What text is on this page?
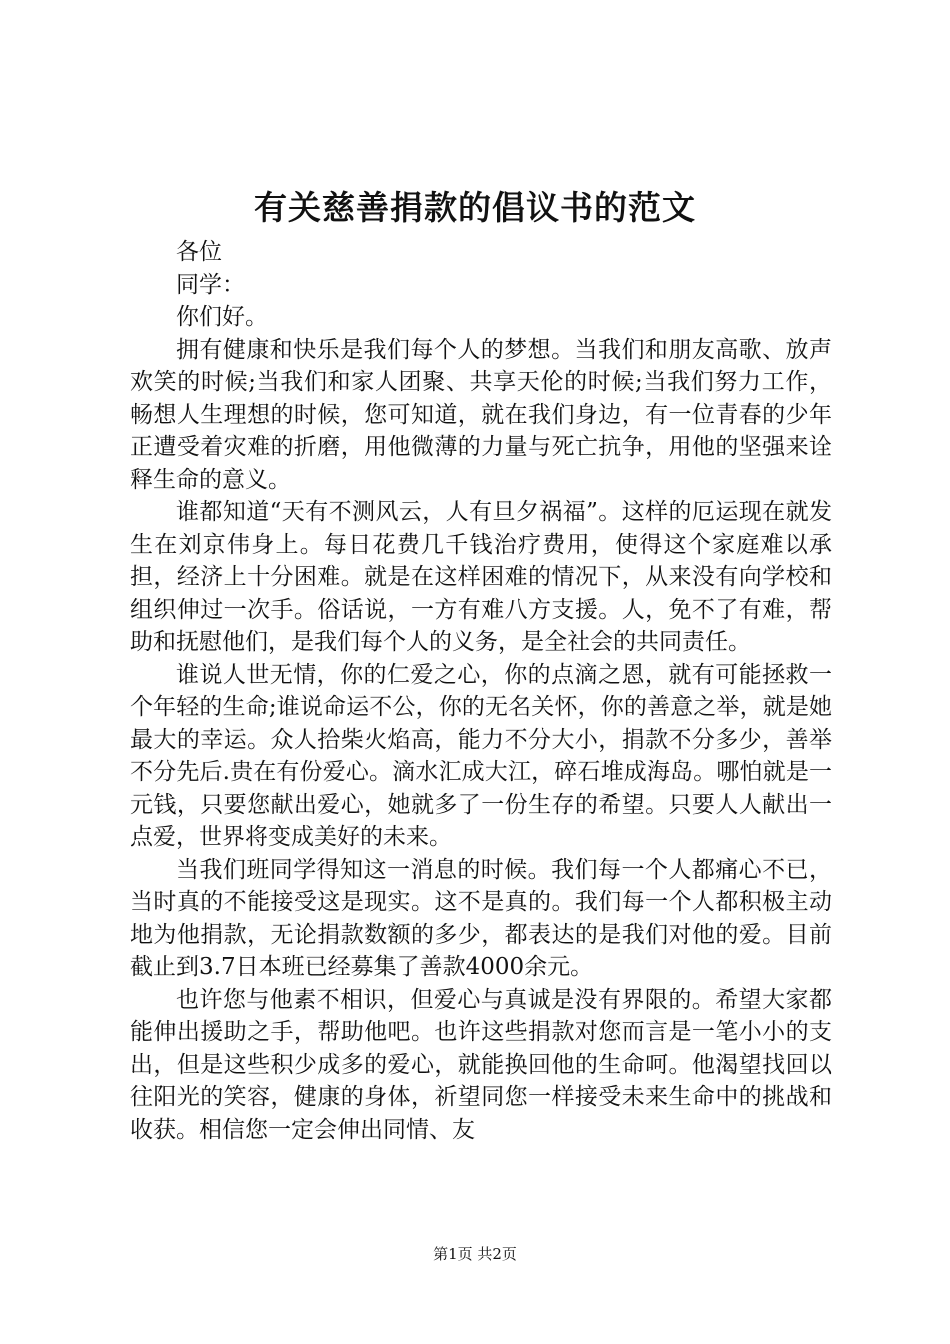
有关慈善捐款的倡议书的范文

各位

同学：

你们好。

拥有健康和快乐是我们每个人的梦想。当我们和朋友高歌、放声欢笑的时候;当我们和家人团聚、共享天伦的时候;当我们努力工作，畅想人生理想的时候，您可知道，就在我们身边，有一位青春的少年正遭受着灾难的折磨，用他微薄的力量与死亡抗争，用他的坚强来诠释生命的意义。

谁都知道“天有不测风云，人有旦夕祸福”。这样的厄运现在就发生在刘京伟身上。每日花费几千钱治疗费用，使得这个家庭难以承担，经济上十分困难。就是在这样困难的情况下，从来没有向学校和组织伸过一次手。俗话说，一方有难八方支援。人，免不了有难，帮助和抚慰他们，是我们每个人的义务，是全社会的共同责任。

谁说人世无情，你的仁爱之心，你的点滴之恩，就有可能拯救一个年轻的生命;谁说命运不公，你的无名关怀，你的善意之举，就是她最大的幸运。众人拾柴火焰高，能力不分大小，捐款不分多少，善举不分先后.贵在有份爱心。滴水汇成大江，碎石堆成海岛。哪怕就是一元钱，只要您献出爱心，她就多了一份生存的希望。只要人人献出一点爱，世界将变成美好的未来。

当我们班同学得知这一消息的时候。我们每一个人都痛心不已，当时真的不能接受这是现实。这不是真的。我们每一个人都积极主动地为他捐款，无论捐款数额的多少，都表达的是我们对他的爱。目前截止到3.7日本班已经募集了善款4000余元。

也许您与他素不相识，但爱心与真诚是没有界限的。希望大家都能伸出援助之手，帮助他吧。也许这些捐款对您而言是一笔小小的支出，但是这些积少成多的爱心，就能换回他的生命呵。他渴望找回以往阳光的笑容，健康的身体，祈望同您一样接受未来生命中的挑战和收获。相信您一定会伸出同情、友

第1页 共2页
